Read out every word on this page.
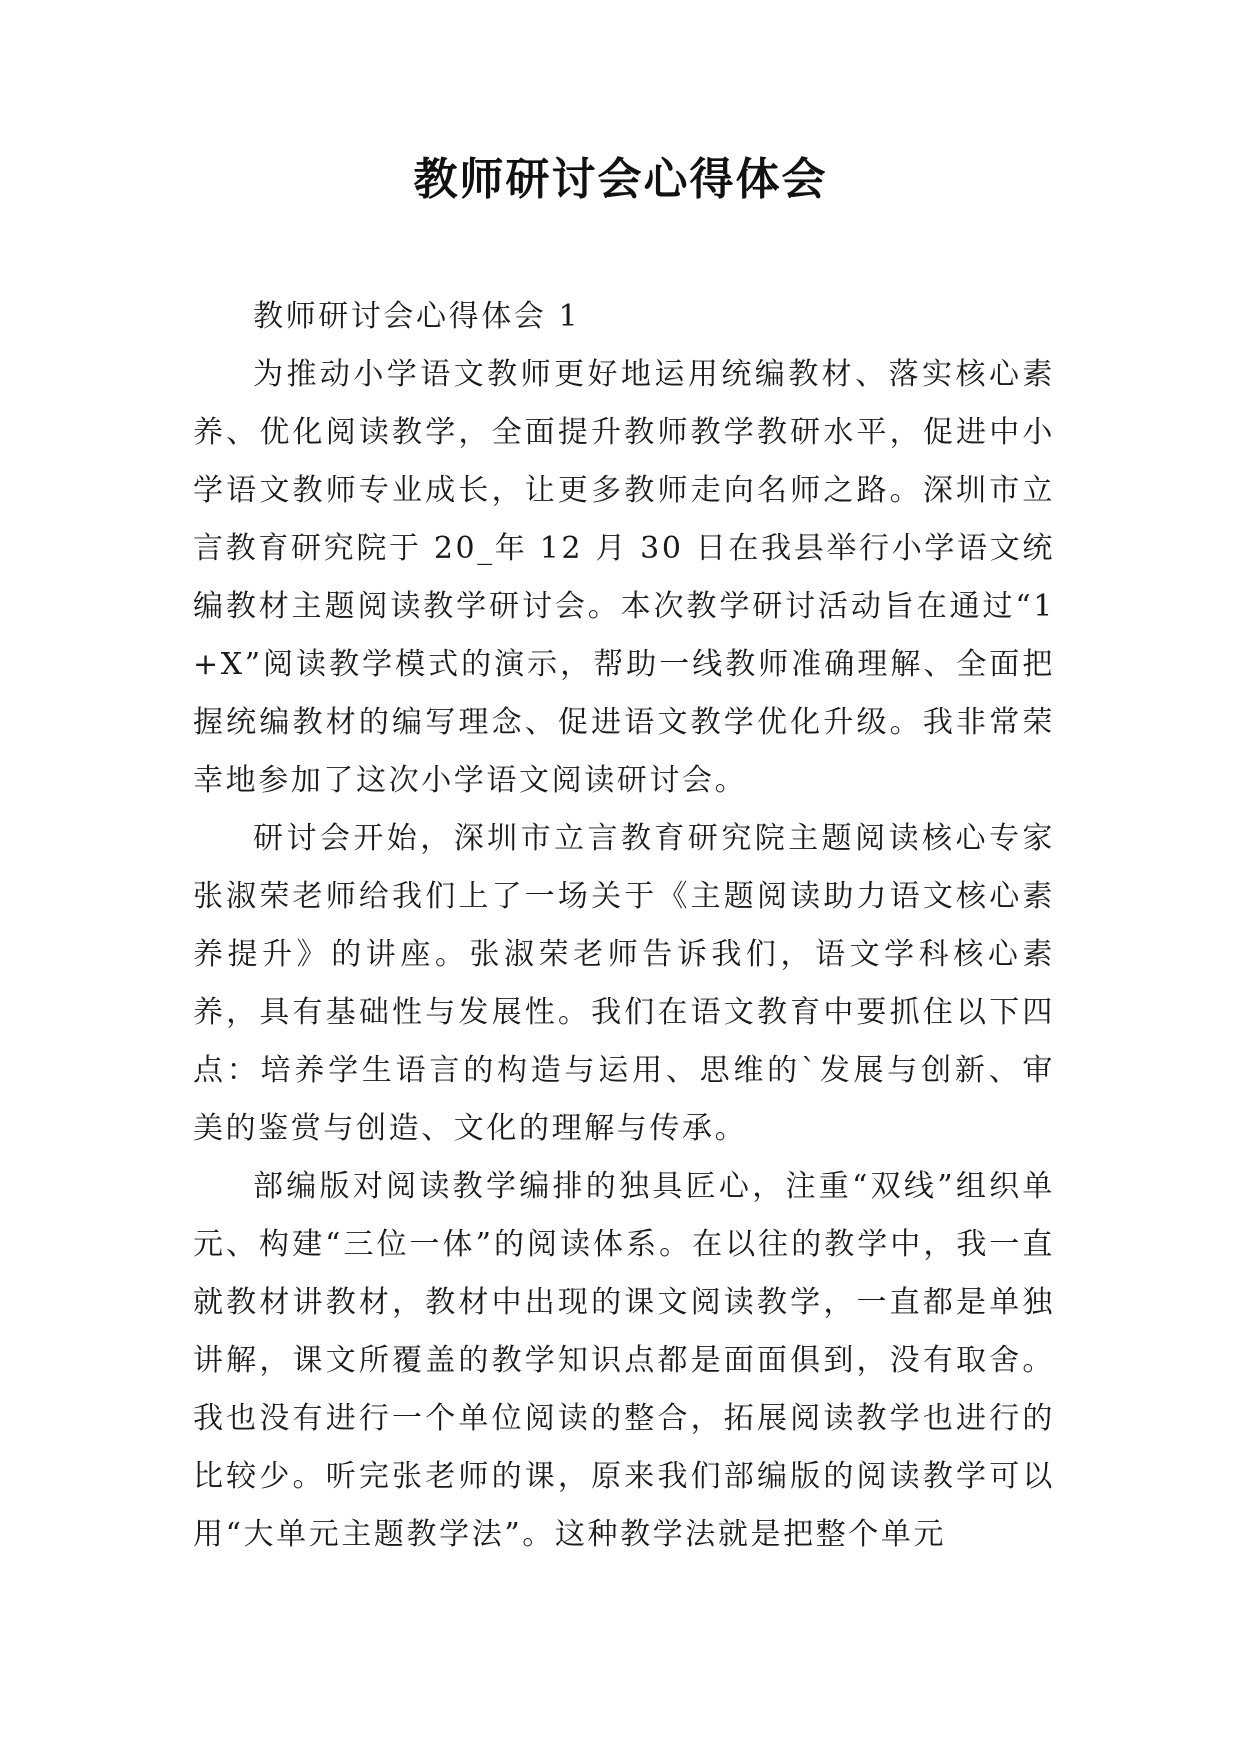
教师研讨会心得体会

教师研讨会心得体会 1

为推动小学语文教师更好地运用统编教材、落实核心素养、优化阅读教学，全面提升教师教学教研水平，促进中小学语文教师专业成长，让更多教师走向名师之路。深圳市立言教育研究院于 20_年 12 月 30 日在我县举行小学语文统编教材主题阅读教学研讨会。本次教学研讨活动旨在通过“1+X”阅读教学模式的演示，帮助一线教师准确理解、全面把握统编教材的编写理念、促进语文教学优化升级。我非常荣幸地参加了这次小学语文阅读研讨会。

研讨会开始，深圳市立言教育研究院主题阅读核心专家张淑荣老师给我们上了一场关于《主题阅读助力语文核心素养提升》的讲座。张淑荣老师告诉我们，语文学科核心素养，具有基础性与发展性。我们在语文教育中要抓住以下四点：培养学生语言的构造与运用、思维的`发展与创新、审美的鉴赏与创造、文化的理解与传承。

部编版对阅读教学编排的独具匠心，注重“双线”组织单元、构建“三位一体”的阅读体系。在以往的教学中，我一直就教材讲教材，教材中出现的课文阅读教学，一直都是单独讲解，课文所覆盖的教学知识点都是面面俱到，没有取舍。我也没有进行一个单位阅读的整合，拓展阅读教学也进行的比较少。听完张老师的课，原来我们部编版的阅读教学可以用“大单元主题教学法”。这种教学法就是把整个单元
